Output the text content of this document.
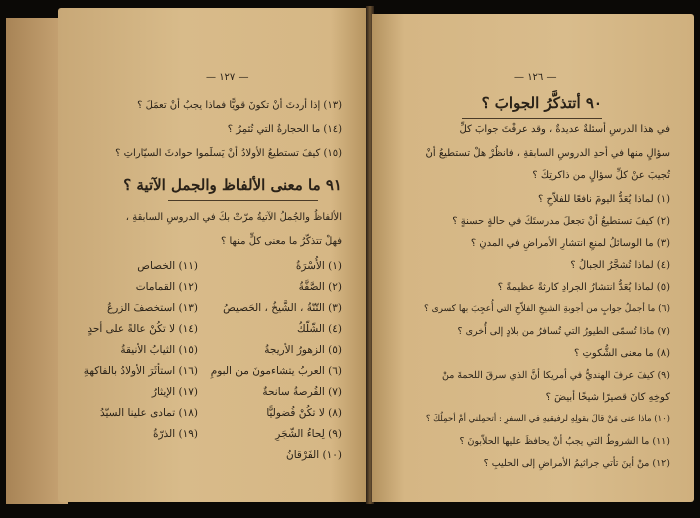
— ١٢٧ —
(١٣) إذا أردتَ أنْ تكونَ قويًّا فماذا يجبُ أنْ تعمَلَ ؟
(١٤) ما الحجارةُ التي تُثمِرُ ؟
(١٥) كيفَ تستطيعُ الأولادُ أنْ يَسلَموا حوادثَ السيّاراتِ ؟
٩١ ما معنى الألفاظ والجمل الآتية ؟
الألفاظُ والجُملُ الآتيةُ مرّتْ بكَ في الدروسِ السابقةِ ،
فهلْ تتذكّرُ ما معنى كلٍّ منها ؟
(١) الأُسْرَةُ
(٢) الصَّفَّةُ
(٣) التّنّةُ ، الشَّيخُ ، الحَصيصُ
(٤) الشّلّكُ
(٥) الزهورُ الأريجةُ
(٦) العربُ يتشاءمونَ من البومِ
(٧) الفُرصةُ سانحةٌ
(٨) لا تكُنْ فُضوليًّا
(٩) لِحاءُ الشّجَرِ
(١٠) الفَرْقانُ
(١١) الخصاص
(١٢) القمامات
(١٣) استخصفَ الزرعُ
(١٤) لا تكُنْ عالةً على أحدٍ
(١٥) الثيابُ الأنيقةُ
(١٦) استأثَرَ الأولادُ بالفاكهةِ
(١٧) الإيثارُ
(١٨) تمادى علينا السيّدُ
(١٩) الذرّةُ
— ١٢٦ —
٩٠ أتتذكَّرُ الجوابَ ؟
في هذا الدرسِ أسئلةٌ عديدةٌ ، وقد عرفْتَ جوابَ كلِّ
سؤالٍ منها في أحدِ الدروسِ السابقةِ ، فانظُرْ هلْ تستطيعُ أنْ
تُجيبَ عنْ كلِّ سؤالٍ من ذاكرتِكَ ؟
(١) لماذا يُعَدُّ اليومَ نافعًا للفلاّحِ ؟
(٢) كيفَ تستطيعُ أنْ تجعلَ مدرستَكَ في حالةٍ حسنةٍ ؟
(٣) ما الوسائلُ لمنعِ انتشارِ الأمراضِ في المدنِ ؟
(٤) لماذا تُشجَّرُ الجبالُ ؟
(٥) لماذا يُعَدُّ انتشارُ الجرادِ كارثةً عظيمةً ؟
(٦) ما أجملُ جوابٍ من أجوبةِ الشيخِ الفلاّحِ التي أُعجِبَ بها كسرى ؟
(٧) ماذا تُسمّى الطيورُ التي تُسافرُ من بلادٍ إلى أُخرى ؟
(٨) ما معنى الشُّكوتِ ؟
(٩) كيفَ عرفَ الهنديُّ في أمريكا أنَّ الذي سرقَ اللحمةَ منْ
كوخِهِ كانَ قصيرًا شيخًا أبيضَ ؟
(١٠) ماذا عنى مَنْ قالَ بقولِهِ لرفيقيهِ في السفرِ : أتحمِلني أمْ أحمِلُكَ ؟
(١١) ما الشروطُ التي يجبُ أنْ يحافظَ عليها الحلاّبونَ ؟
(١٢) منْ أينَ تأتي جراثيمُ الأمراضِ إلى الحليبِ ؟
